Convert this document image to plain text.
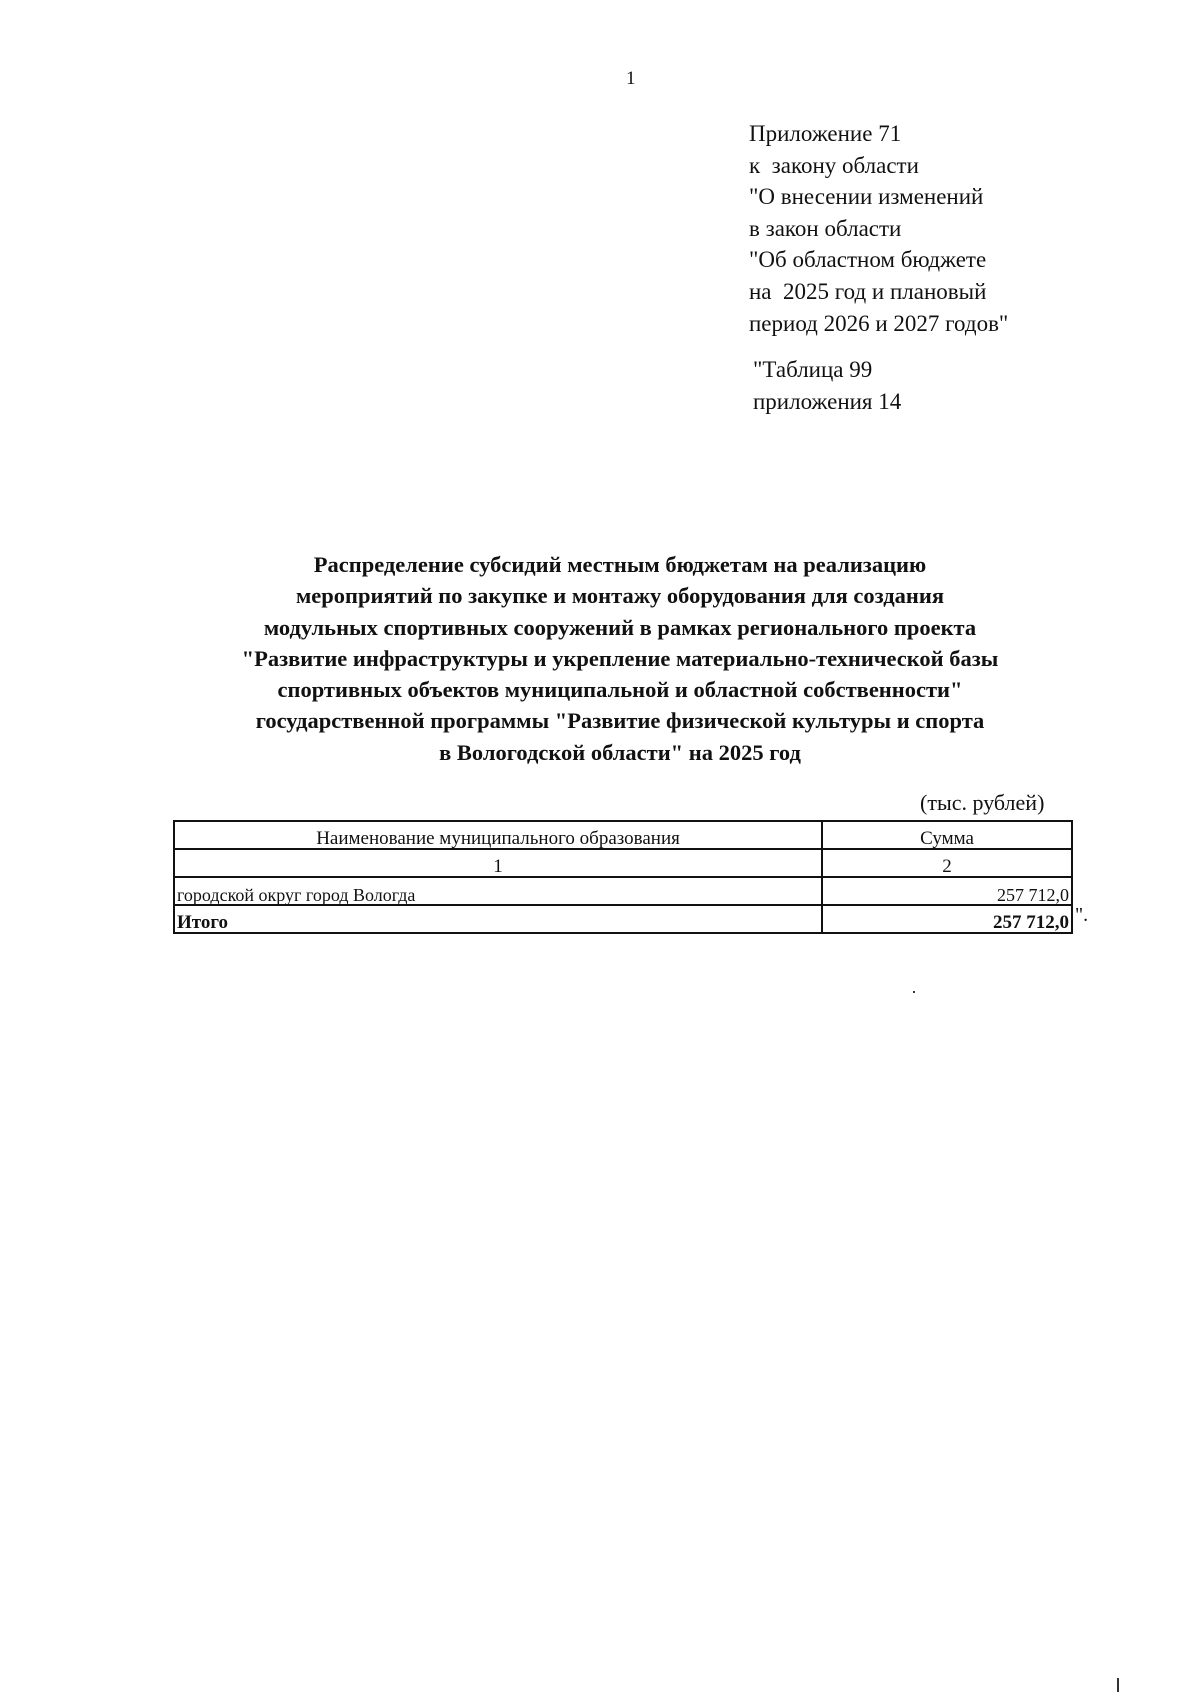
1
Приложение 71
к  закону области
"О внесении изменений
в закон области
"Об областном бюджете
на  2025 год и плановый
период 2026 и 2027 годов"
"Таблица 99
приложения 14
Распределение субсидий местным бюджетам на реализацию
мероприятий по закупке и монтажу оборудования для создания
модульных спортивных сооружений в рамках регионального проекта
"Развитие инфраструктуры и укрепление материально-технической базы
спортивных объектов муниципальной и областной собственности"
государственной программы "Развитие физической культуры и спорта
в Вологодской области" на 2025 год
(тыс. рублей)
Наименование муниципального образования	Сумма
1	2
городской округ город Вологда	257 712,0
Итого	257 712,0 ".
